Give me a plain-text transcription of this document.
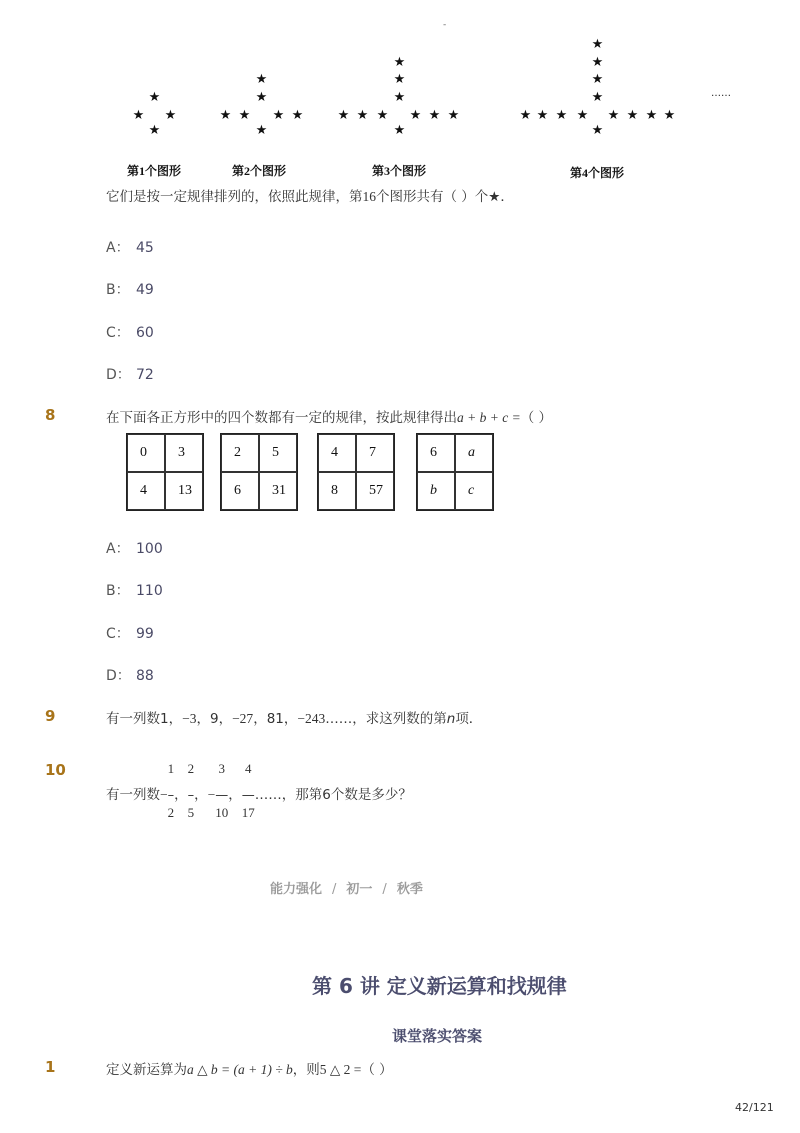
-
★
★ ★
★
★
★
★ ★ ★ ★
★
★
★
★
★ ★ ★ ★ ★ ★
★
★
★
★
★
★ ★ ★ ★ ★ ★ ★ ★
★
……
第1个图形	第2个图形	第3个图形	第4个图形
它们是按一定规律排列的，依照此规律，第16个图形共有（ ）个★．
A： 45
B： 49
C： 60
D： 72
8	在下面各正方形中的四个数都有一定的规律，按此规律得出a + b + c =（ ）
0	3
4	13
2	5
6	31
4	7
8	57
6	a
b	c
A： 100
B： 110
C： 99
D： 88
9	有一列数1，−3，9，−27，81，−243……，求这列数的第n项．
10
有一列数−
1
–
2
，
2
–
5
，−
3
—
10
，
4
—
17
……，那第6个数是多少？
能力强化 / 初一 / 秋季
第 6 讲 定义新运算和找规律
课堂落实答案
1	定义新运算为a △ b = (a + 1) ÷ b，则5 △ 2 =（ ）
42/121
